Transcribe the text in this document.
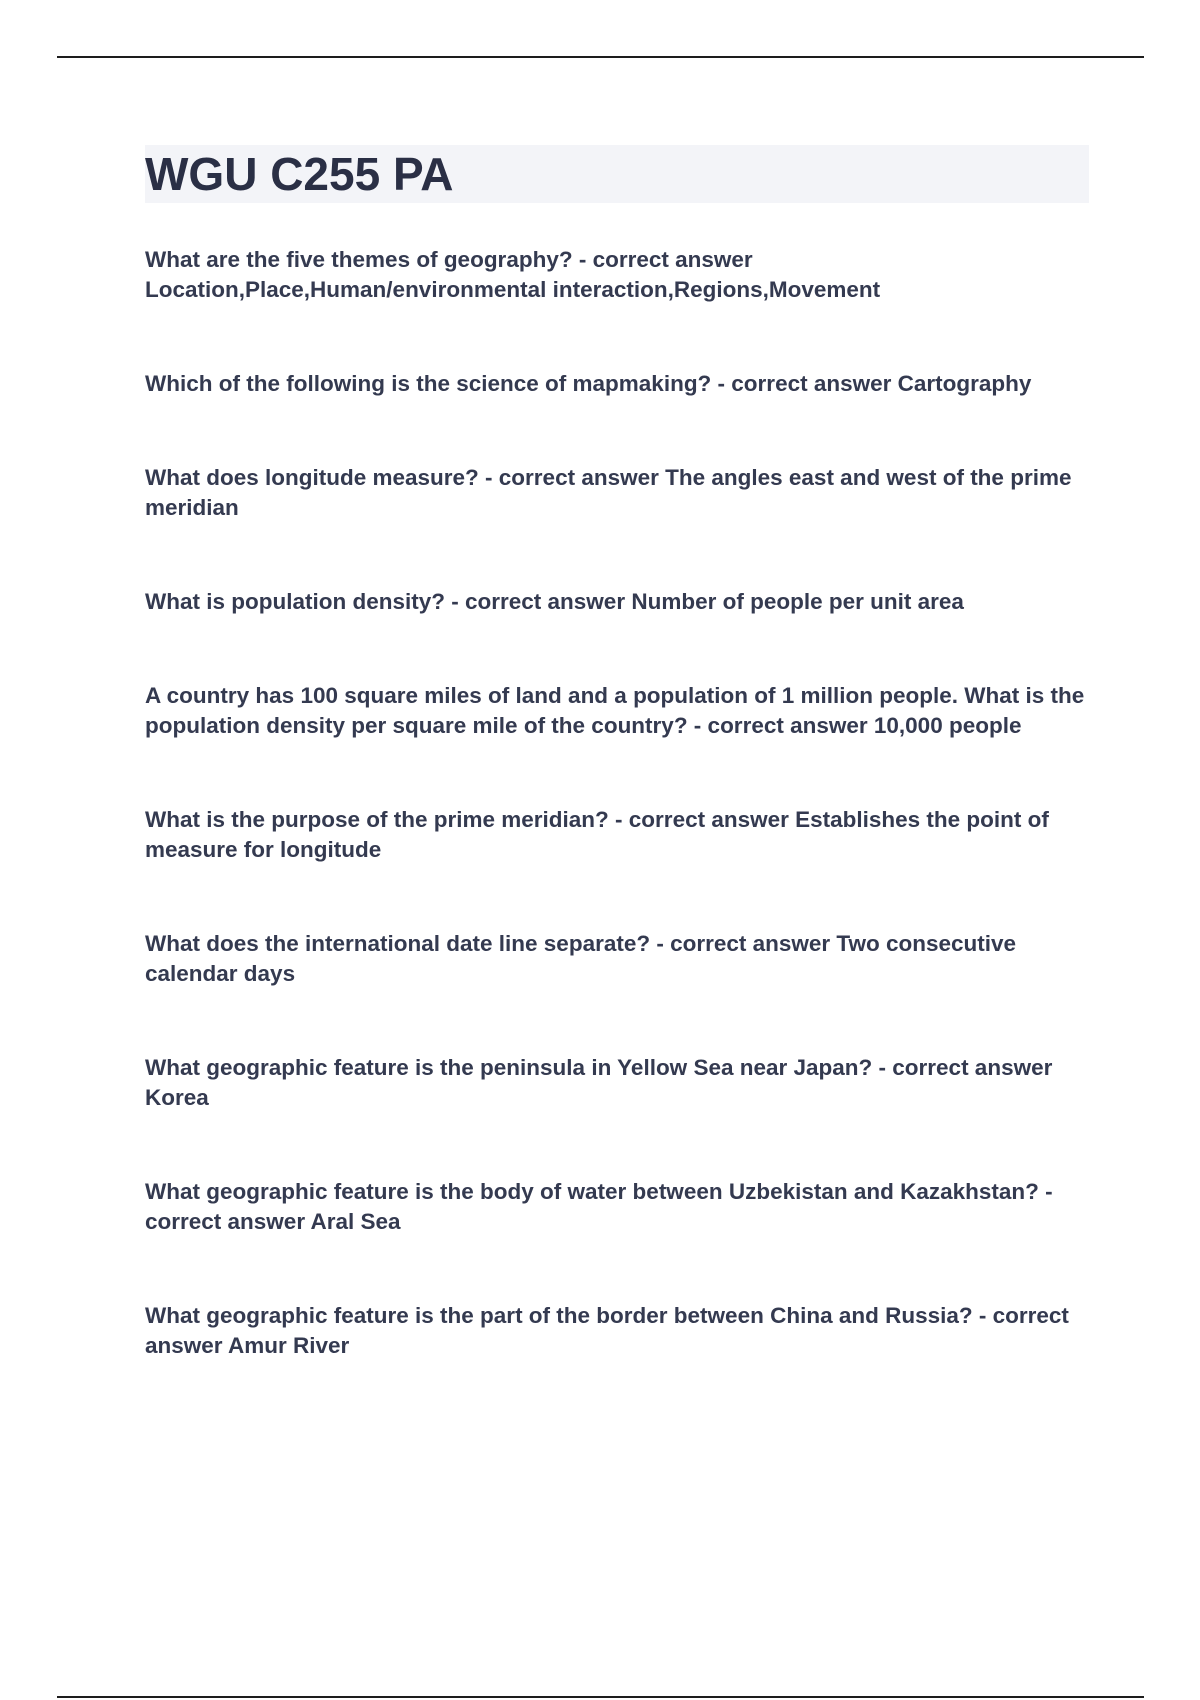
WGU C255 PA
What are the five themes of geography? - correct answer Location,Place,Human/environmental interaction,Regions,Movement
Which of the following is the science of mapmaking? - correct answer Cartography
What does longitude measure? - correct answer The angles east and west of the prime meridian
What is population density? - correct answer Number of people per unit area
A country has 100 square miles of land and a population of 1 million people. What is the population density per square mile of the country? - correct answer 10,000 people
What is the purpose of the prime meridian? - correct answer Establishes the point of measure for longitude
What does the international date line separate? - correct answer Two consecutive calendar days
What geographic feature is the peninsula in Yellow Sea near Japan? - correct answer Korea
What geographic feature is the body of water between Uzbekistan and Kazakhstan? - correct answer Aral Sea
What geographic feature is the part of the border between China and Russia? - correct answer Amur River
